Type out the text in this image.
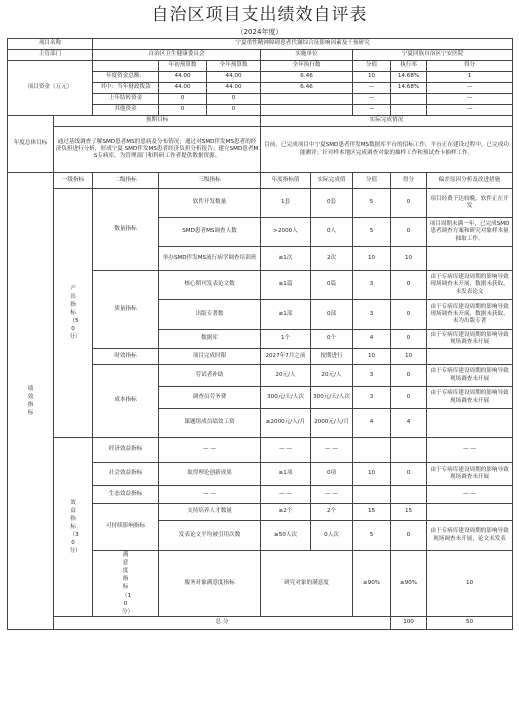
自治区项目支出绩效自评表
（2024年度）
项目名称		宁夏重性精神障碍患者代谢综合征影响因素及干预研究								
主管部门		自治区卫生健康委员会			实施单位		宁夏回族自治区宁安医院			
项目资金（万元）			年初预算数	全年预算数	全年执行数		分值	执行率	得分	
		年度资金总额：	44.00	44.00	6.46		10	14.68%	1	
		其中：当年财政拨款	44.00	44.00	6.46		—	14.68%	—	
		上年结转资金	0	0			—		—	
		其他资金	0	0			—		—	
年度总体目标	预期目标				实际完成情况					
	通过基线调查了解SMD患者MS的患病及分布情况；通过对SMD伴发MS患者的经济负担进行分析，形成宁夏 SMD伴发MS患者经济负担分析报告；建立SMD患者MS专病库，为管理部门和科研工作者提供数据资源。				目前，已完成项目中宁夏SMD患者伴发MS数据库平台的招标工作，平台正在建设过程中，已完成功能测评；针对样本地区完成调查对象的抽样工作和预试查卡抽样工作。					
绩效指标	一级指标	二级指标	三级指标		年度指标值	实际完成值	分值	得分	偏差原因分析及改进措施	
	产出指标（50分）	数量指标	软件开发数量		1套	0套	5	0	项目经费下达较晚，软件正在开发	
			SMD患者MS调查人数		>2000人	0人	5	0	项目周期未满一年，已完成SMD患者调查方案和研究对象样本量抽取工作。	
			举办SMD伴发MS流行病学调查培训班		≥1次	2次	10	10		
		质量指标	核心期刊发表论文数		≥1篇	0篇	3	0	由于专病库建设周期的影响导致现场调查未开展，数据未获取，未发表论文	
			出版专著数		≥1部	0部	3	0	由于专病库建设周期的影响导致现场调查未开展，数据未获取，未为出版专著	
			数据库		1个	0个	4	0	由于专病库建设周期的影响导致现场调查未开展	
		时效指标	项目完成时限		2027年7月之前	按期进行	10	10		
		成本指标	劳试者补助		20元/人	20元/人	3	0	由于专病库建设周期的影响导致现场调查未开展	
			调查员劳务费		300元/天/人次	300元/天/人次	3	0	由于专病库建设周期的影响导致现场调查未开展	
			课题组成员绩效工资		≥2000元/人/月	2000元/人/月	4	4		
	效益指标（30分）	经济效益指标	— —		— —	— —			— —	
		社会效益指标	取得理论创新成果		≥1项	0项	10	0	由于专病库建设周期的影响导致现场调查未开展	
		生态效益指标	— —		— —	— —			— —	
		可持续影响指标	支持培养人才数量		≥2个	2个	15	15		
			发表论文平均被引用次数		≥50人次	0人次	5	0	由于专病库建设周期的影响导致现场调查未开展，论文未发表	
		满意度指标（10分）	服务对象满意度指标		研究对象的满意度		≥90%	≥90%	10		
	总 分							100	50	
